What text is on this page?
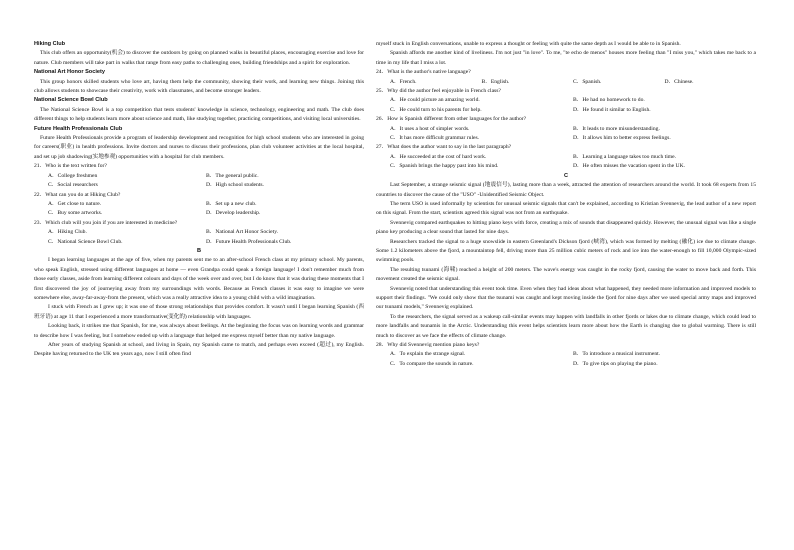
Hiking Club
This club offers an opportunity(机会) to discover the outdoors by going on planned walks in beautiful places, encouraging exercise and love for nature. Club members will take part in walks that range from easy paths to challenging ones, building friendships and a spirit for exploration.
National Art Honor Society
This group honors skilled students who love art, having them help the community, showing their work, and learning new things. Joining this club allows students to showcase their creativity, work with classmates, and become stronger leaders.
National Science Bowl Club
The National Science Bowl is a top competition that tests students' knowledge in science, technology, engineering and math. The club does different things to help students learn more about science and math, like studying together, practicing competitions, and visiting local universities.
Future Health Professionals Club
Future Health Professionals provide a program of leadership development and recognition for high school students who are interested in going for careers(职业) in health professions. Invite doctors and nurses to discuss their professions, plan club volunteer activities at the local hospital, and set up job shadowing(实地参观) opportunities with a hospital for club members.
21．Who is the text written for?
A．College freshmen	B．The general public.
C．Social researchers	D．High school students.
22．What can you do at Hiking Club?
A．Get close to nature.	B．Set up a new club.
C．Buy some artworks.	D．Develop leadership.
23．Which club will you join if you are interested in medicine?
A．Hiking Club.	B．National Art Honor Society.
C．National Science Bowl Club.	D．Future Health Professionals Club.
B
I began learning languages at the age of five, when my parents sent me to an after-school French class at my primary school. My parents, who speak English, stressed using different languages at home — even Grandpa could speak a foreign language! I don't remember much from those early classes, aside from learning different colours and days of the week over and over, but I do know that it was during these moments that I first discovered the joy of journeying away from my surroundings with words. Because as French classes it was easy to imagine we were somewhere else, away-far-away-from the present, which was a really attractive idea to a young child with a wild imagination.
I stuck with French as I grew up; it was one of those strong relationships that provides comfort. It wasn't until I began learning Spanish (西班牙语) at age 11 that I experienced a more transformative(变化的) relationship with languages.
Looking back, it strikes me that Spanish, for me, was always about feelings. At the beginning the focus was on learning words and grammar to describe how I was feeling, but I somehow ended up with a language that helped me express myself better than my native language.
After years of studying Spanish at school, and living in Spain, my Spanish came to match, and perhaps even exceed (超过), my English. Despite having returned to the UK ten years ago, now I still often find
myself stuck in English conversations, unable to express a thought or feeling with quite the same depth as I would be able to in Spanish.
Spanish affords me another kind of liveliness. I'm not just "in love". To me, "te echo de menos" houses more feeling than "I miss you," which takes me back to a time in my life that I miss a lot.
24．What is the author's native language?
A．French.	B．English.	C．Spanish.	D．Chinese.
25．Why did the author feel enjoyable in French class?
A．He could picture an amazing world.	B．He had no homework to do.
C．He could turn to his parents for help.	D．He found it similar to English.
26．How is Spanish different from other languages for the author?
A．It uses a host of simpler words.	B．It leads to more misunderstanding.
C．It has more difficult grammar rules.	D．It allows him to better express feelings.
27．What does the author want to say in the last paragraph?
A．He succeeded at the cost of hard work.	B．Learning a language takes too much time.
C．Spanish brings the happy past into his mind.	D．He often misses the vacation spent in the UK.
C
Last September, a strange seismic signal (地震信号), lasting more than a week, attracted the attention of researchers around the world. It took 68 experts from 15 countries to discover the cause of the "USO" -Unidentified Seismic Object.
The term USO is used informally by scientists for unusual seismic signals that can't be explained, according to Kristian Svennevig, the lead author of a new report on this signal. From the start, scientists agreed this signal was not from an earthquake.
Svennevig compared earthquakes to hitting piano keys with force, creating a mix of sounds that disappeared quickly. However, the unusual signal was like a single piano key producing a clear sound that lasted for nine days.
Researchers tracked the signal to a huge snowslide in eastern Greenland's Dickson fjord (峡湾), which was formed by melting (融化) ice due to climate change. Some 1.2 kilometers above the fjord, a mountaintop fell, driving more than 25 million cubic meters of rock and ice into the water-enough to fill 10,000 Olympic-sized swimming pools.
The resulting tsunami (海啸) reached a height of 200 meters. The wave's energy was caught in the rocky fjord, causing the water to move back and forth. This movement created the seismic signal.
Svennevig noted that understanding this event took time. Even when they had ideas about what happened, they needed more information and improved models to support their findings. "We could only show that the tsunami was caught and kept moving inside the fjord for nine days after we used special army maps and improved our tsunami models," Svennevig explained.
To the researchers, the signal served as a wakeup call-similar events may happen with landfalls in other fjords or lakes due to climate change, which could lead to more landfalls and tsunamis in the Arctic. Understanding this event helps scientists learn more about how the Earth is changing due to global warming. There is still much to discover as we face the effects of climate change.
28．Why did Svennevig mention piano keys?
A．To explain the strange signal.	B．To introduce a musical instrument.
C．To compare the sounds in nature.	D．To give tips on playing the piano.
